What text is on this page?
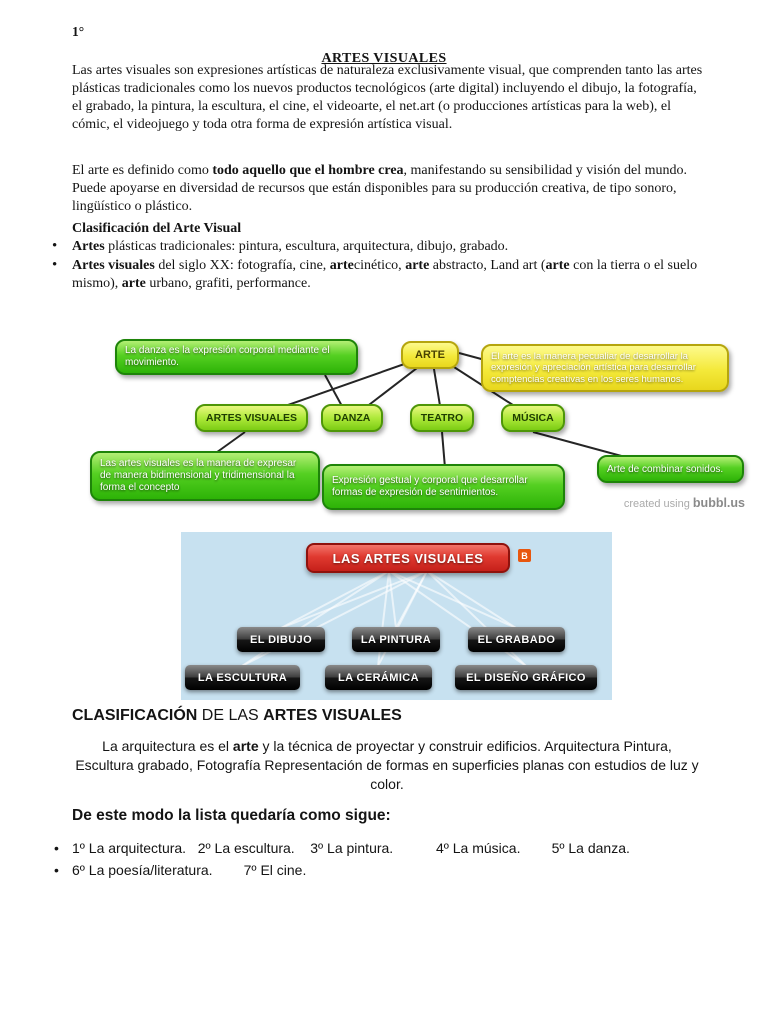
1°
ARTES VISUALES

Las artes visuales son expresiones artísticas de naturaleza exclusivamente visual, que comprenden tanto las artes plásticas tradicionales como los nuevos productos tecnológicos (arte digital) incluyendo el dibujo, la fotografía, el grabado, la pintura, la escultura, el cine, el videoarte, el net.art (o producciones artísticas para la web), el cómic, el videojuego y toda otra forma de expresión artística visual.

El arte es definido como todo aquello que el hombre crea, manifestando su sensibilidad y visión del mundo. Puede apoyarse en diversidad de recursos que están disponibles para su producción creativa, de tipo sonoro, lingüístico o plástico.

Clasificación del Arte Visual
• Artes plásticas tradicionales: pintura, escultura, arquitectura, dibujo, grabado.
• Artes visuales del siglo XX: fotografía, cine, artecinético, arte abstracto, Land art (arte con la tierra o el suelo mismo), arte urbano, grafiti, performance.
La danza es la expresión corporal mediante el movimiento.
ARTE	El arte es la manera pecualiar de desarrollar la expresión y apreciación artística para desarrollar comptencias creativas en los seres humanos.
ARTES VISUALES	DANZA	TEATRO	MÚSICA
Las artes visuales es la manera de expresar de manera bidimensional y tridimensional la forma el concepto
Expresión gestual y corporal que desarrollar formas de expresión de sentimientos.
Arte de combinar sonidos.
created using bubbl.us
LAS ARTES VISUALES	B
EL DIBUJO	LA PINTURA	EL GRABADO
LA ESCULTURA	LA CERÁMICA	EL DISEÑO GRÁFICO
CLASIFICACIÓN DE LAS ARTES VISUALES

La arquitectura es el arte y la técnica de proyectar y construir edificios. Arquitectura Pintura, Escultura grabado, Fotografía Representación de formas en superficies planas con estudios de luz y color.

De este modo la lista quedaría como sigue:
• 1º La arquitectura.   2º La escultura.    3º La pintura.           4º La música.        5º La danza.
• 6º La poesía/literatura.        7º El cine.
